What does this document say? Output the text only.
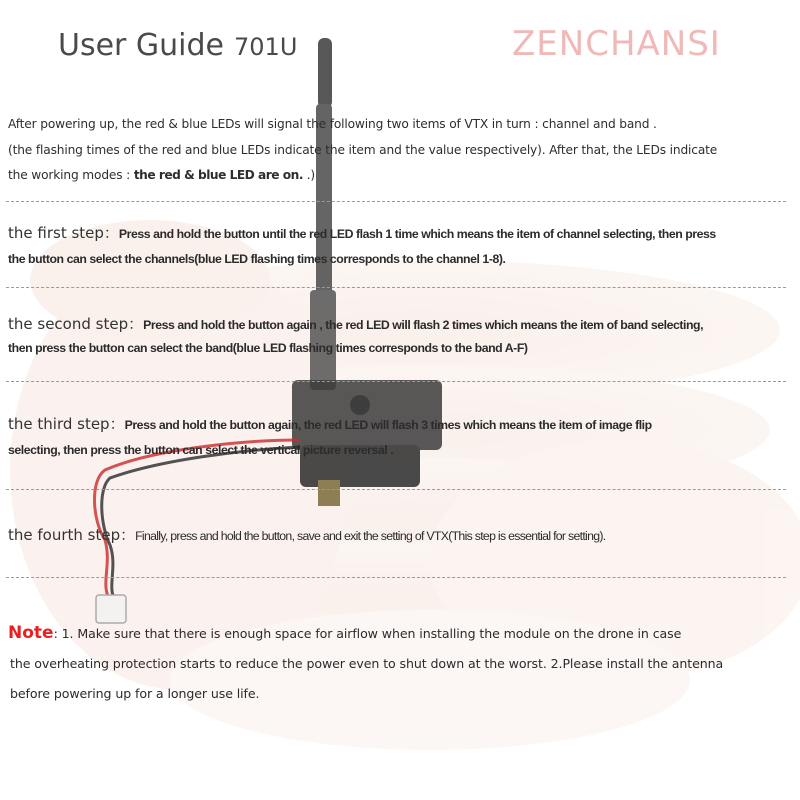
User Guide 701U	ZENCHANSI
After powering up, the red & blue LEDs will signal the following two items of VTX in turn : channel and band .
(the flashing times of the red and blue LEDs indicate the item and the value respectively). After that, the LEDs indicate
the working modes : the red & blue LED are on. .)
the first step：Press and hold the button until the red LED flash 1 time which means the item of channel selecting, then press
the button can select the channels(blue LED flashing times corresponds to the channel 1-8).
the second step：Press and hold the button again , the red LED will flash 2 times which means the item of band selecting,
then press the button can select the band(blue LED flashing times corresponds to the band A-F)
the third step：Press and hold the button again, the red LED will flash 3 times which means the item of image flip
selecting, then press the button can select the vertical picture reversal .
the fourth step：Finally, press and hold the button, save and exit the setting of VTX(This step is essential for setting).
Note: 1. Make sure that there is enough space for airflow when installing the module on the drone in case
the overheating protection starts to reduce the power even to shut down at the worst. 2.Please install the antenna
before powering up for a longer use life.
